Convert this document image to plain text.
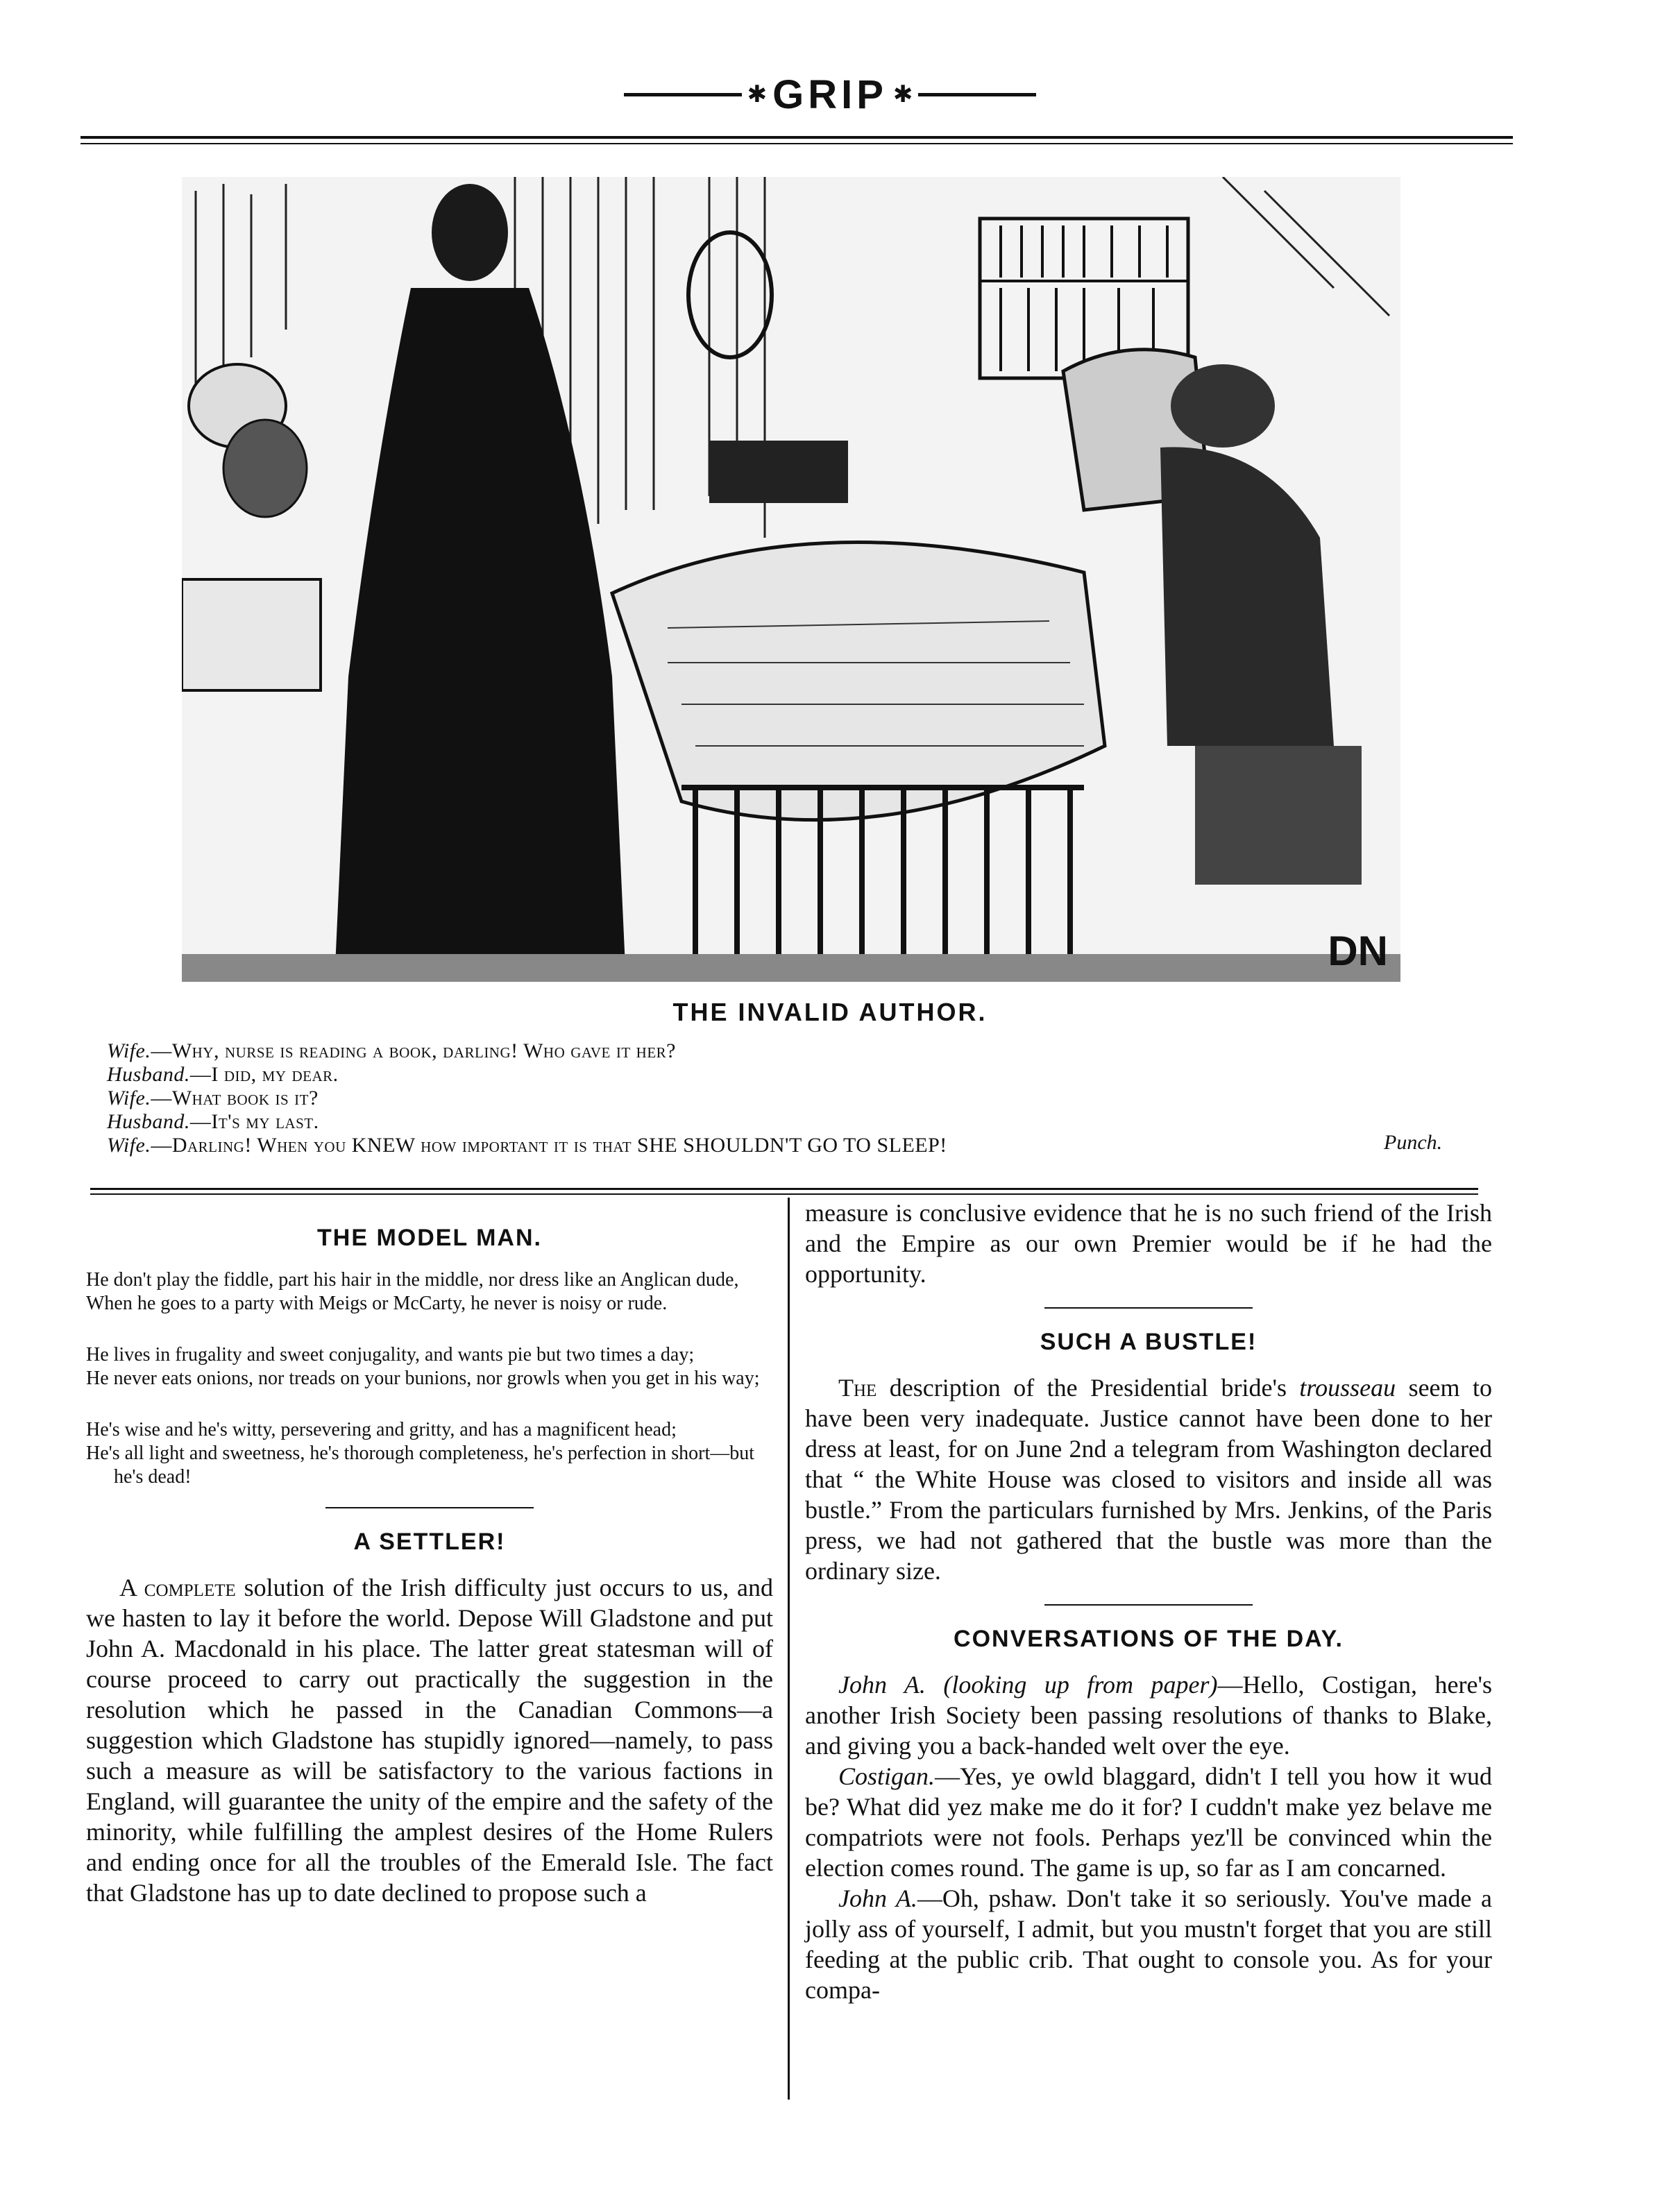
✱ GRIP ✱
DN
THE INVALID AUTHOR.
Wife.—Why, nurse is reading a book, darling! Who gave it her?
Husband.—I did, my dear.
Wife.—What book is it?
Husband.—It's my last.
Wife.—Darling! When you KNEW how important it is that SHE SHOULDN'T GO TO SLEEP!	Punch.
THE MODEL MAN.
He don't play the fiddle, part his hair in the middle, nor dress like an Anglican dude,
When he goes to a party with Meigs or McCarty, he never is noisy or rude.
He lives in frugality and sweet conjugality, and wants pie but two times a day;
He never eats onions, nor treads on your bunions, nor growls when you get in his way;
He's wise and he's witty, persevering and gritty, and has a magnificent head;
He's all light and sweetness, he's thorough completeness, he's perfection in short—but he's dead!
A SETTLER!

A complete solution of the Irish difficulty just occurs to us, and we hasten to lay it before the world. Depose Will Gladstone and put John A. Macdonald in his place. The latter great statesman will of course proceed to carry out practically the suggestion in the resolution which he passed in the Canadian Commons—a suggestion which Gladstone has stupidly ignored—namely, to pass such a measure as will be satisfactory to the various factions in England, will guarantee the unity of the empire and the safety of the minority, while fulfilling the amplest desires of the Home Rulers and ending once for all the troubles of the Emerald Isle. The fact that Gladstone has up to date declined to propose such a

measure is conclusive evidence that he is no such friend of the Irish and the Empire as our own Premier would be if he had the opportunity.

SUCH A BUSTLE!

The description of the Presidential bride's trousseau seem to have been very inadequate. Justice cannot have been done to her dress at least, for on June 2nd a telegram from Washington declared that “ the White House was closed to visitors and inside all was bustle.” From the particulars furnished by Mrs. Jenkins, of the Paris press, we had not gathered that the bustle was more than the ordinary size.

CONVERSATIONS OF THE DAY.

John A. (looking up from paper)—Hello, Costigan, here's another Irish Society been passing resolutions of thanks to Blake, and giving you a back-handed welt over the eye.

Costigan.—Yes, ye owld blaggard, didn't I tell you how it wud be? What did yez make me do it for? I cuddn't make yez belave me compatriots were not fools. Perhaps yez'll be convinced whin the election comes round. The game is up, so far as I am concarned.

John A.—Oh, pshaw. Don't take it so seriously. You've made a jolly ass of yourself, I admit, but you mustn't forget that you are still feeding at the public crib. That ought to console you. As for your compa-
